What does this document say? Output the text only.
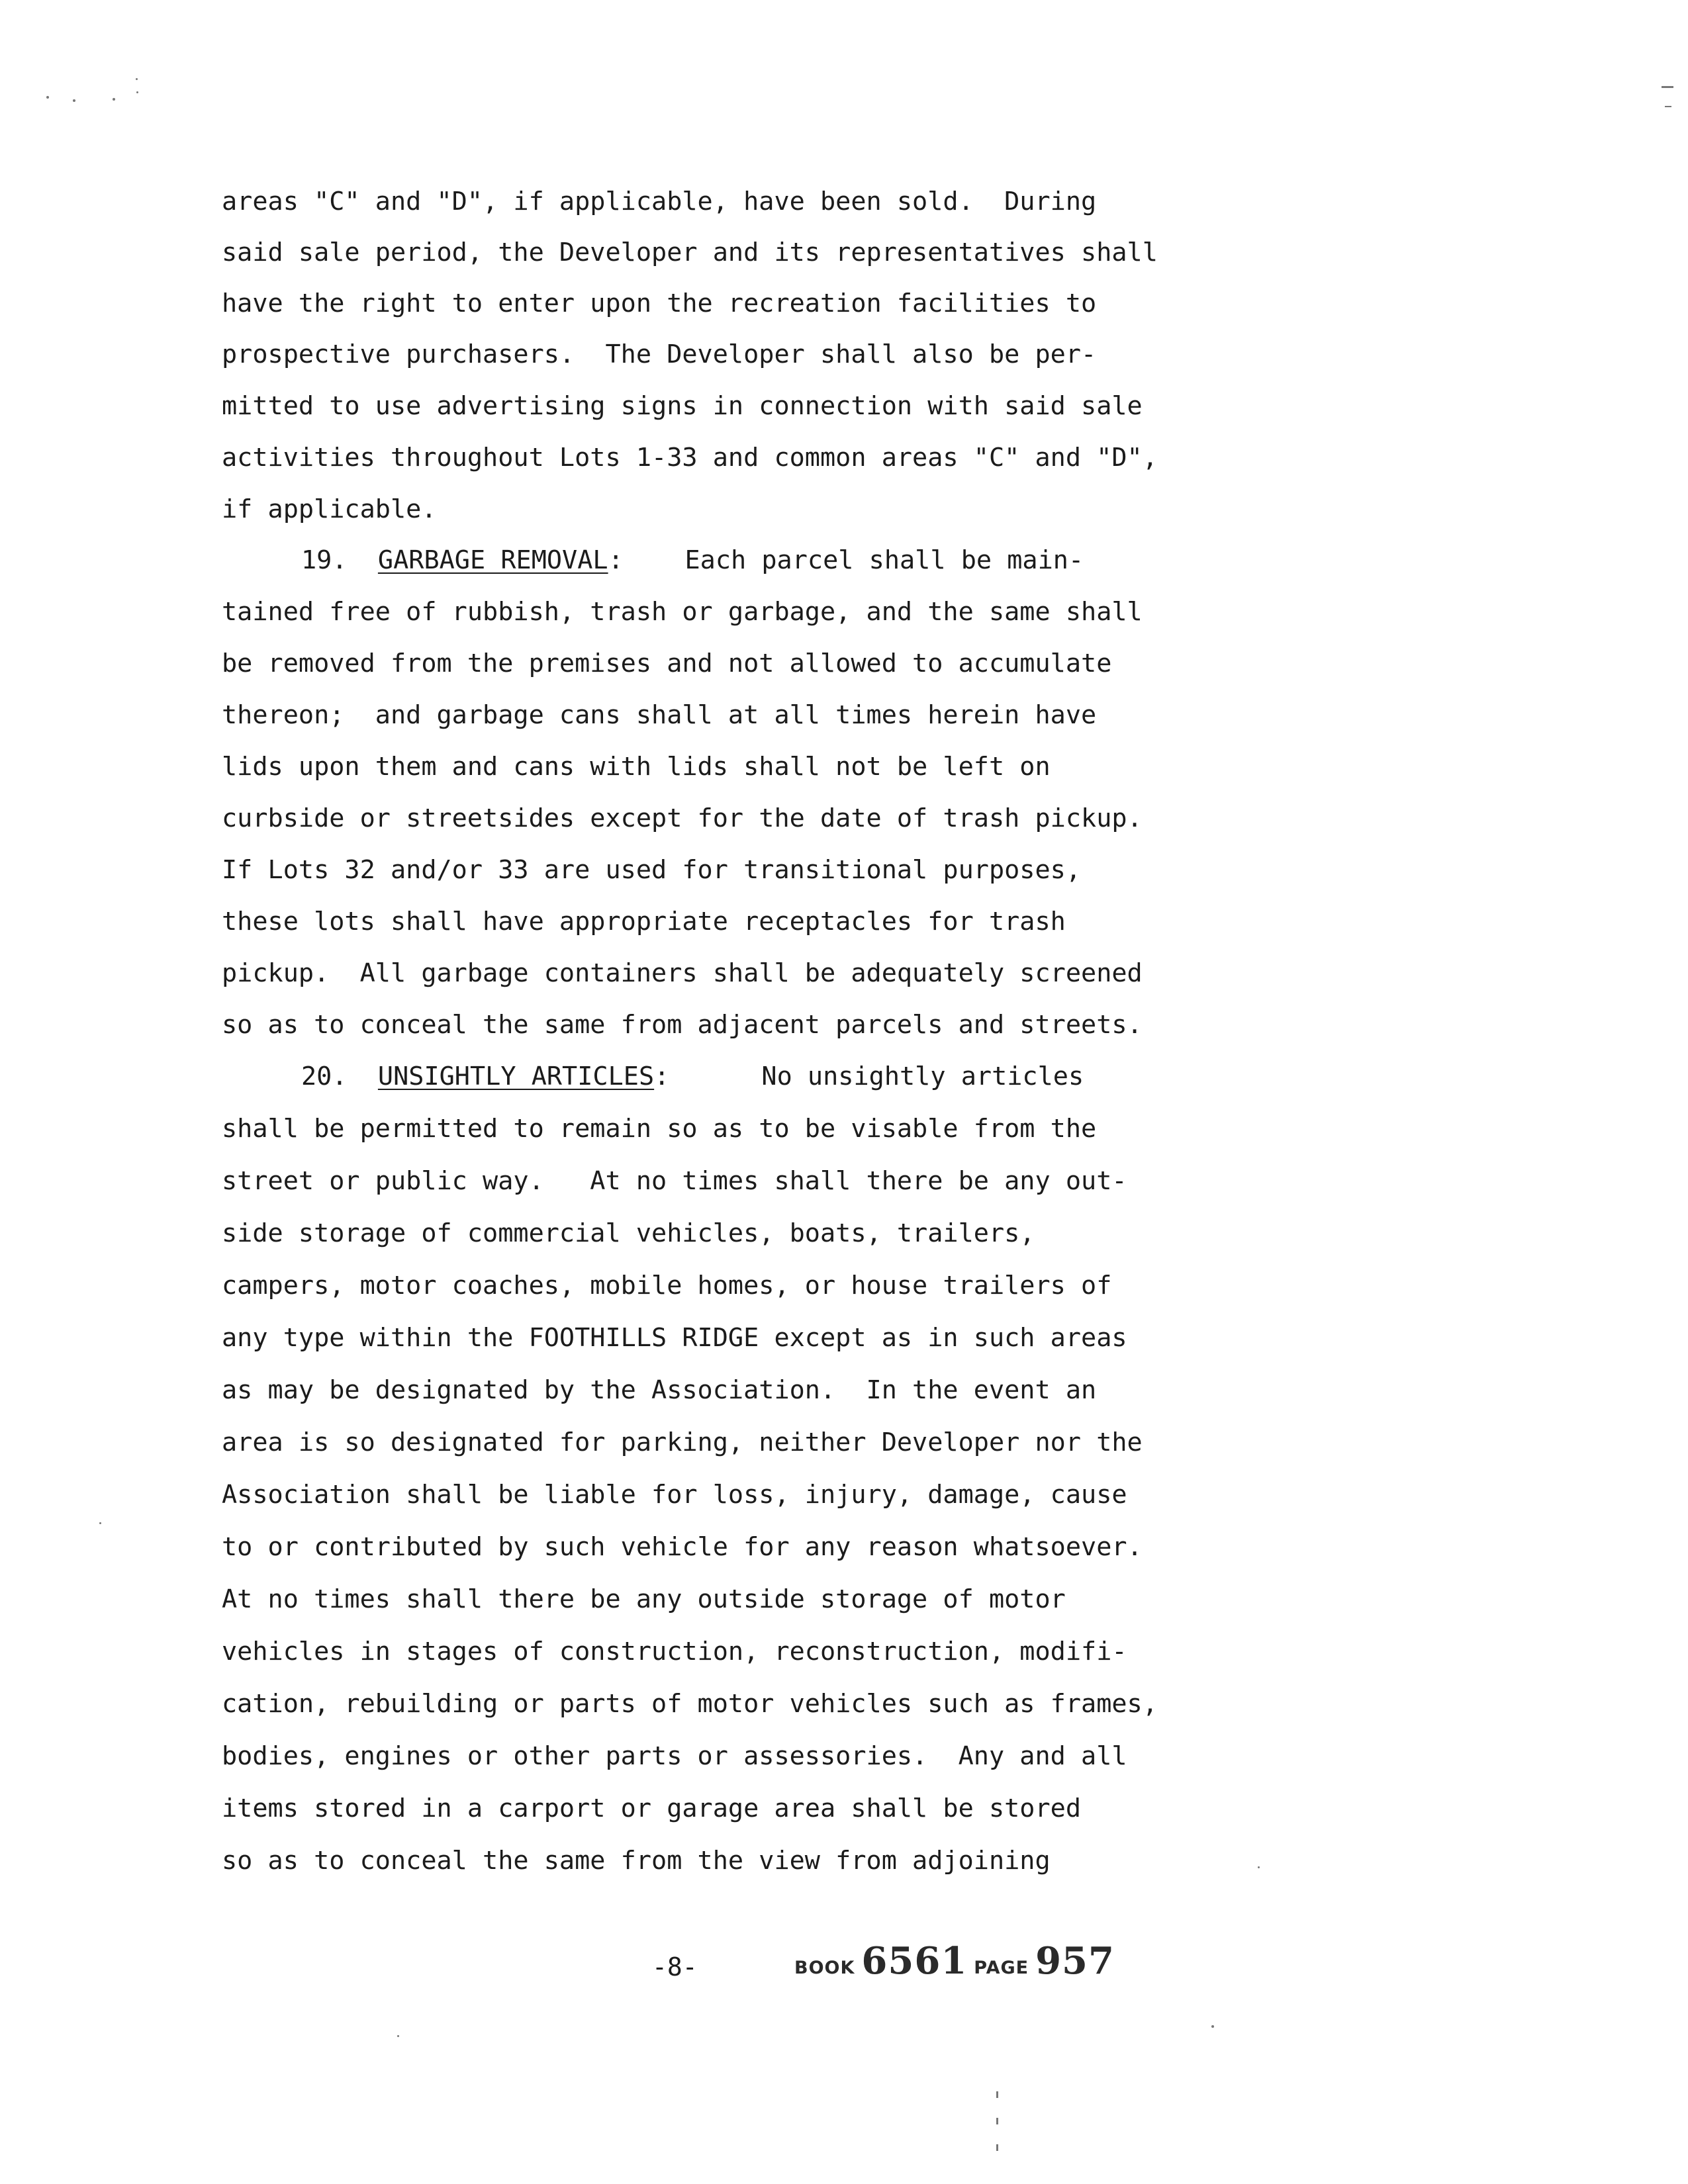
areas "C" and "D", if applicable, have been sold.  During
said sale period, the Developer and its representatives shall
have the right to enter upon the recreation facilities to
prospective purchasers.  The Developer shall also be per-
mitted to use advertising signs in connection with said sale
activities throughout Lots 1-33 and common areas "C" and "D",
if applicable.
19. GARBAGE REMOVAL:    Each parcel shall be main-
tained free of rubbish, trash or garbage, and the same shall
be removed from the premises and not allowed to accumulate
thereon;  and garbage cans shall at all times herein have
lids upon them and cans with lids shall not be left on
curbside or streetsides except for the date of trash pickup.
If Lots 32 and/or 33 are used for transitional purposes,
these lots shall have appropriate receptacles for trash
pickup.  All garbage containers shall be adequately screened
so as to conceal the same from adjacent parcels and streets.
20. UNSIGHTLY ARTICLES:      No unsightly articles
shall be permitted to remain so as to be visable from the
street or public way.   At no times shall there be any out-
side storage of commercial vehicles, boats, trailers,
campers, motor coaches, mobile homes, or house trailers of
any type within the FOOTHILLS RIDGE except as in such areas
as may be designated by the Association.  In the event an
area is so designated for parking, neither Developer nor the
Association shall be liable for loss, injury, damage, cause
to or contributed by such vehicle for any reason whatsoever.
At no times shall there be any outside storage of motor
vehicles in stages of construction, reconstruction, modifi-
cation, rebuilding or parts of motor vehicles such as frames,
bodies, engines or other parts or assessories.  Any and all
items stored in a carport or garage area shall be stored
so as to conceal the same from the view from adjoining
-8-	BOOK 6561 PAGE 957
